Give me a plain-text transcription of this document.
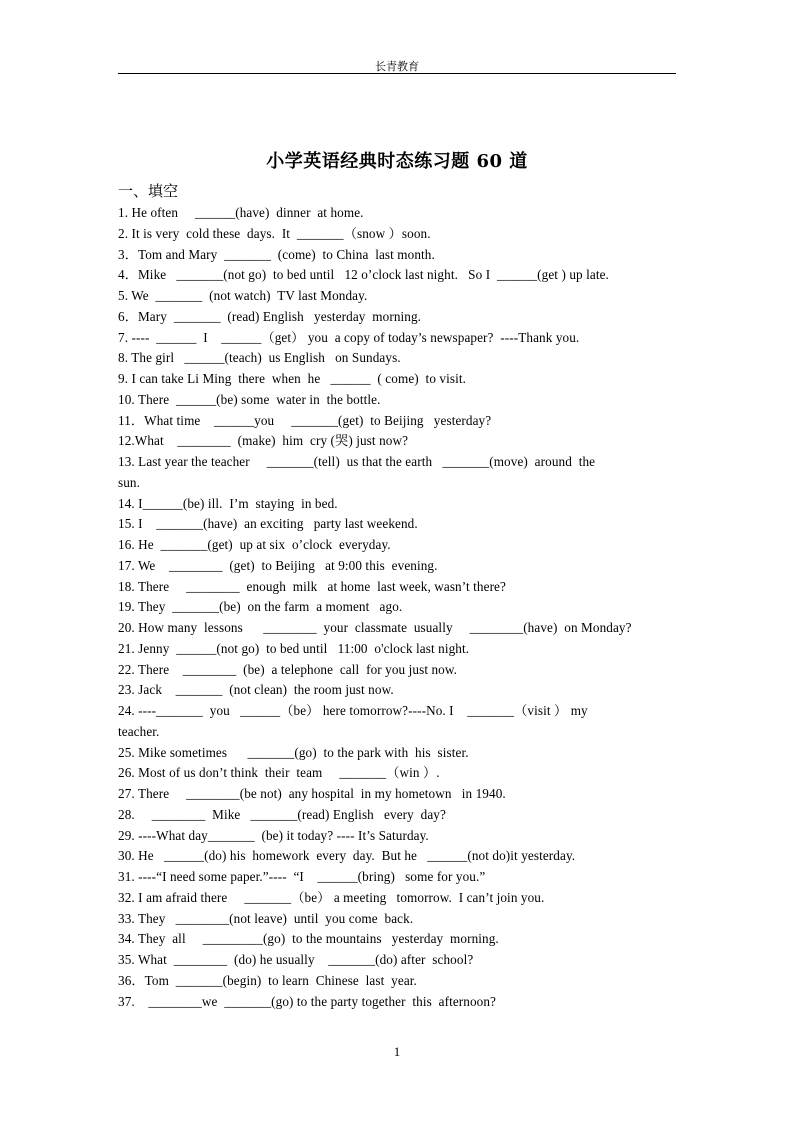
长青教育
小学英语经典时态练习题 60 道
一、填空
1. He often     ______(have)  dinner  at home.
2. It is very  cold these  days.  It  _______（snow ）soon.
3．Tom and Mary  _______  (come)  to China  last month.
4．Mike   _______(not go)  to bed until   12 o’clock last night.   So I  ______(get ) up late.
5. We  _______  (not watch)  TV last Monday.
6．Mary  _______  (read) English   yesterday  morning.
7. ----  ______  I    ______（get） you  a copy of today’s newspaper?  ----Thank you.
8. The girl   ______(teach)  us English   on Sundays.
9. I can take Li Ming  there  when  he   ______  ( come)  to visit.
10. There  ______(be) some  water in  the bottle.
11．What time    ______you     _______(get)  to Beijing   yesterday?
12.What    ________  (make)  him  cry (哭) just now?
13. Last year the teacher     _______(tell)  us that the earth   _______(move)  around  the
sun.
14. I______(be) ill.  I’m  staying  in bed.
15. I    _______(have)  an exciting   party last weekend.
16. He  _______(get)  up at six  o’clock  everyday.
17. We    ________  (get)  to Beijing   at 9:00 this  evening.
18. There     ________  enough  milk   at home  last week, wasn’t there?
19. They  _______(be)  on the farm  a moment   ago.
20. How many  lessons      ________  your  classmate  usually     ________(have)  on Monday?
21. Jenny  ______(not go)  to bed until   11:00  o'clock last night.
22. There    ________  (be)  a telephone  call  for you just now.
23. Jack    _______  (not clean)  the room just now.
24. ----_______  you   ______（be） here tomorrow?----No. I    _______（visit ） my
teacher.
25. Mike sometimes      _______(go)  to the park with  his  sister.
26. Most of us don’t think  their  team     _______（win ）.
27. There     ________(be not)  any hospital  in my hometown   in 1940.
28.     ________  Mike   _______(read) English   every  day?
29. ----What day_______  (be) it today? ---- It’s Saturday.
30. He   ______(do) his  homework  every  day.  But he   ______(not do)it yesterday.
31. ----“I need some paper.”----  “I    ______(bring)   some for you.”
32. I am afraid there     _______（be） a meeting   tomorrow.  I can’t join you.
33. They   ________(not leave)  until  you come  back.
34. They  all     _________(go)  to the mountains   yesterday  morning.
35. What  ________  (do) he usually    _______(do) after  school?
36．Tom  _______(begin)  to learn  Chinese  last  year.
37.    ________we  _______(go) to the party together  this  afternoon?
1
